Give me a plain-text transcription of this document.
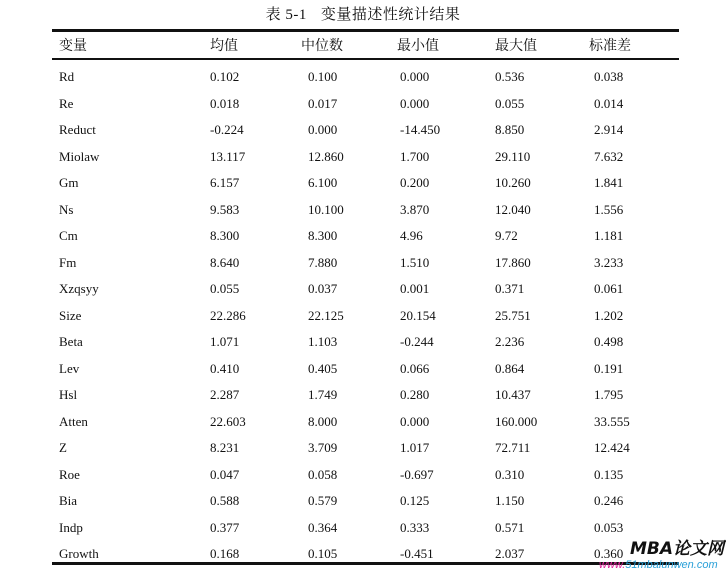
表 5-1 变量描述性统计结果
变量	均值	中位数	最小值	最大值	标准差
Rd	0.102	0.100	0.000	0.536	0.038
Re	0.018	0.017	0.000	0.055	0.014
Reduct	-0.224	0.000	-14.450	8.850	2.914
Miolaw	13.117	12.860	1.700	29.110	7.632
Gm	6.157	6.100	0.200	10.260	1.841
Ns	9.583	10.100	3.870	12.040	1.556
Cm	8.300	8.300	4.96	9.72	1.181
Fm	8.640	7.880	1.510	17.860	3.233
Xzqsyy	0.055	0.037	0.001	0.371	0.061
Size	22.286	22.125	20.154	25.751	1.202
Beta	1.071	1.103	-0.244	2.236	0.498
Lev	0.410	0.405	0.066	0.864	0.191
Hsl	2.287	1.749	0.280	10.437	1.795
Atten	22.603	8.000	0.000	160.000	33.555
Z	8.231	3.709	1.017	72.711	12.424
Roe	0.047	0.058	-0.697	0.310	0.135
Bia	0.588	0.579	0.125	1.150	0.246
Indp	0.377	0.364	0.333	0.571	0.053
Growth	0.168	0.105	-0.451	2.037	0.360 MBA论文网
www.51mbalunwen.com
